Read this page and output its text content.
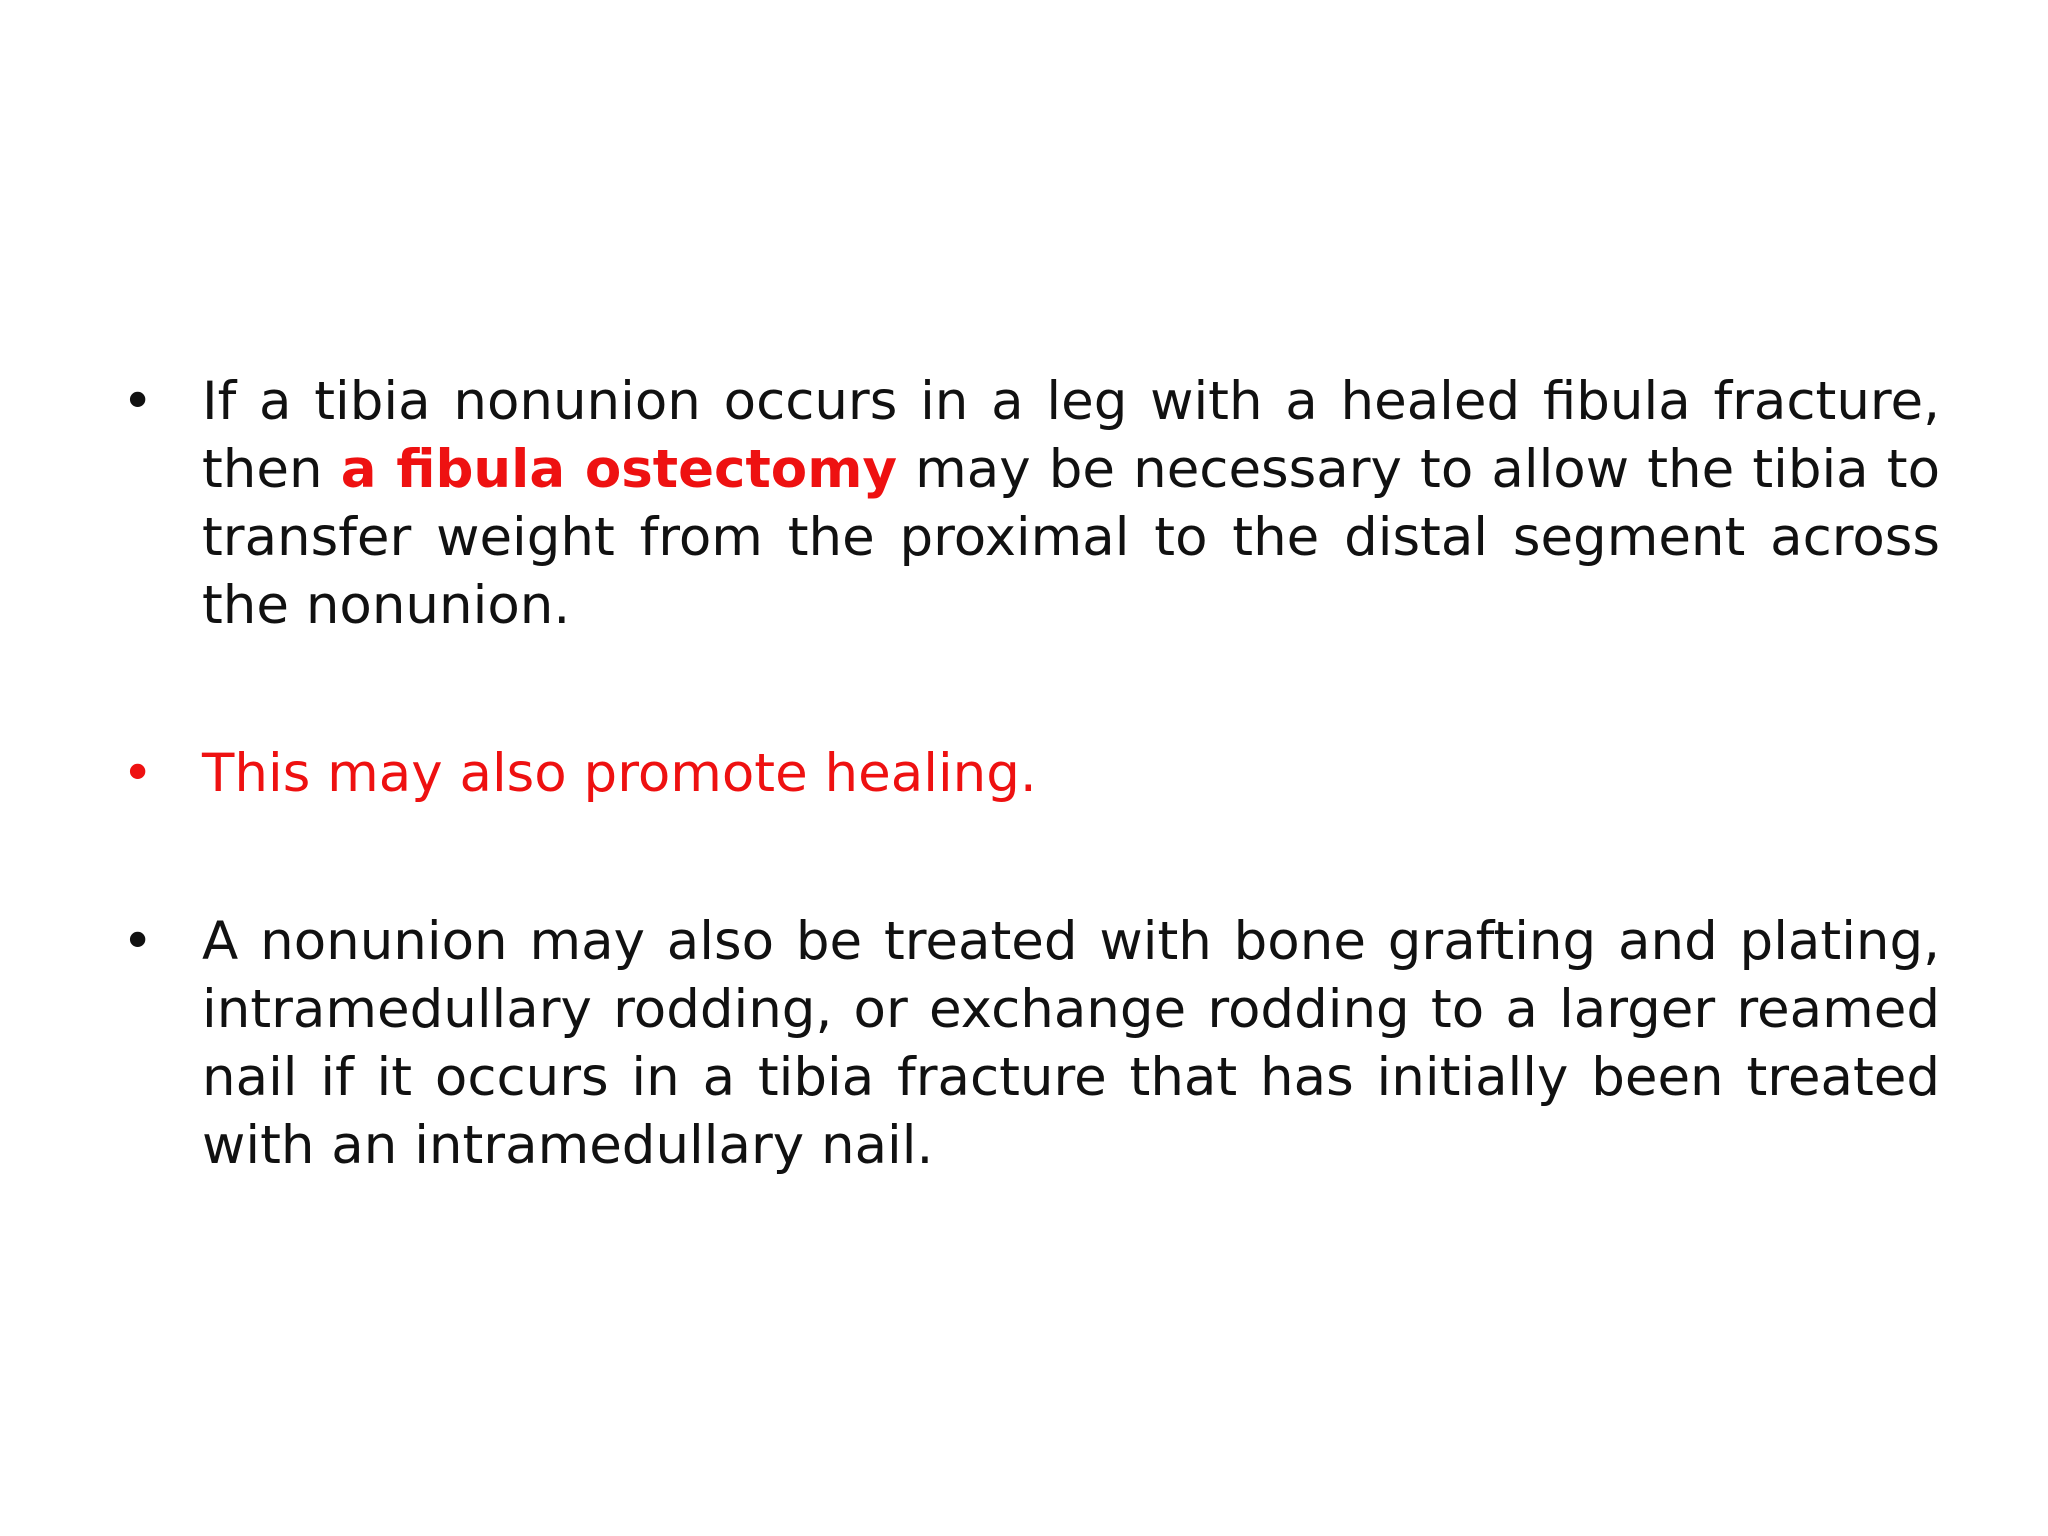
• If a tibia nonunion occurs in a leg with a healed fibula fracture, then a fibula ostectomy may be necessary to allow the tibia to transfer weight from the proximal to the distal segment across the nonunion.
• This may also promote healing.
• A nonunion may also be treated with bone grafting and plating, intramedullary rodding, or exchange rodding to a larger reamed nail if it occurs in a tibia fracture that has initially been treated with an intramedullary nail.
